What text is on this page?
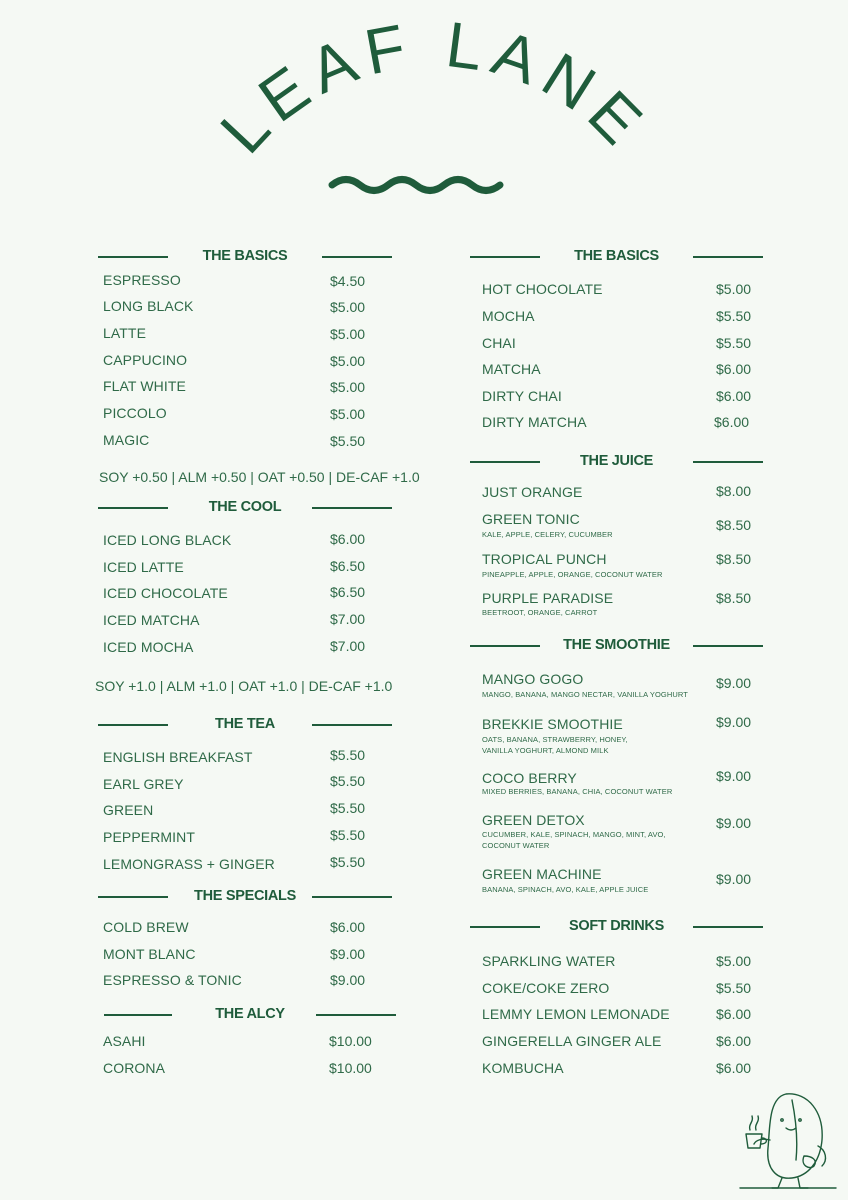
LEAF LANE
THE BASICS
ESPRESSO	$4.50
LONG BLACK	$5.00
LATTE	$5.00
CAPPUCINO	$5.00
FLAT WHITE	$5.00
PICCOLO	$5.00
MAGIC	$5.50
SOY +0.50 | ALM +0.50 | OAT +0.50 | DE-CAF +1.0
THE COOL
ICED LONG BLACK	$6.00
ICED LATTE	$6.50
ICED CHOCOLATE	$6.50
ICED MATCHA	$7.00
ICED MOCHA	$7.00
SOY +1.0 | ALM +1.0 | OAT +1.0 | DE-CAF +1.0
THE TEA
ENGLISH BREAKFAST	$5.50
EARL GREY	$5.50
GREEN	$5.50
PEPPERMINT	$5.50
LEMONGRASS + GINGER	$5.50
THE SPECIALS
COLD BREW	$6.00
MONT BLANC	$9.00
ESPRESSO & TONIC	$9.00
THE ALCY
ASAHI	$10.00
CORONA	$10.00
THE BASICS
HOT CHOCOLATE	$5.00
MOCHA	$5.50
CHAI	$5.50
MATCHA	$6.00
DIRTY CHAI	$6.00
DIRTY MATCHA	$6.00
THE JUICE
JUST ORANGE	$8.00
GREEN TONIC
KALE, APPLE, CELERY, CUCUMBER
$8.50
TROPICAL PUNCH
PINEAPPLE, APPLE, ORANGE, COCONUT WATER
$8.50
PURPLE PARADISE
BEETROOT, ORANGE, CARROT
$8.50
THE SMOOTHIE
MANGO GOGO
MANGO, BANANA, MANGO NECTAR, VANILLA YOGHURT
$9.00
BREKKIE SMOOTHIE
OATS, BANANA, STRAWBERRY, HONEY,
VANILLA YOGHURT, ALMOND MILK
$9.00
COCO BERRY
MIXED BERRIES, BANANA, CHIA, COCONUT WATER
$9.00
GREEN DETOX
CUCUMBER, KALE, SPINACH, MANGO, MINT, AVO,
COCONUT WATER
$9.00
GREEN MACHINE
BANANA, SPINACH, AVO, KALE, APPLE JUICE
$9.00
SOFT DRINKS
SPARKLING WATER	$5.00
COKE/COKE ZERO	$5.50
LEMMY LEMON LEMONADE	$6.00
GINGERELLA GINGER ALE	$6.00
KOMBUCHA	$6.00
